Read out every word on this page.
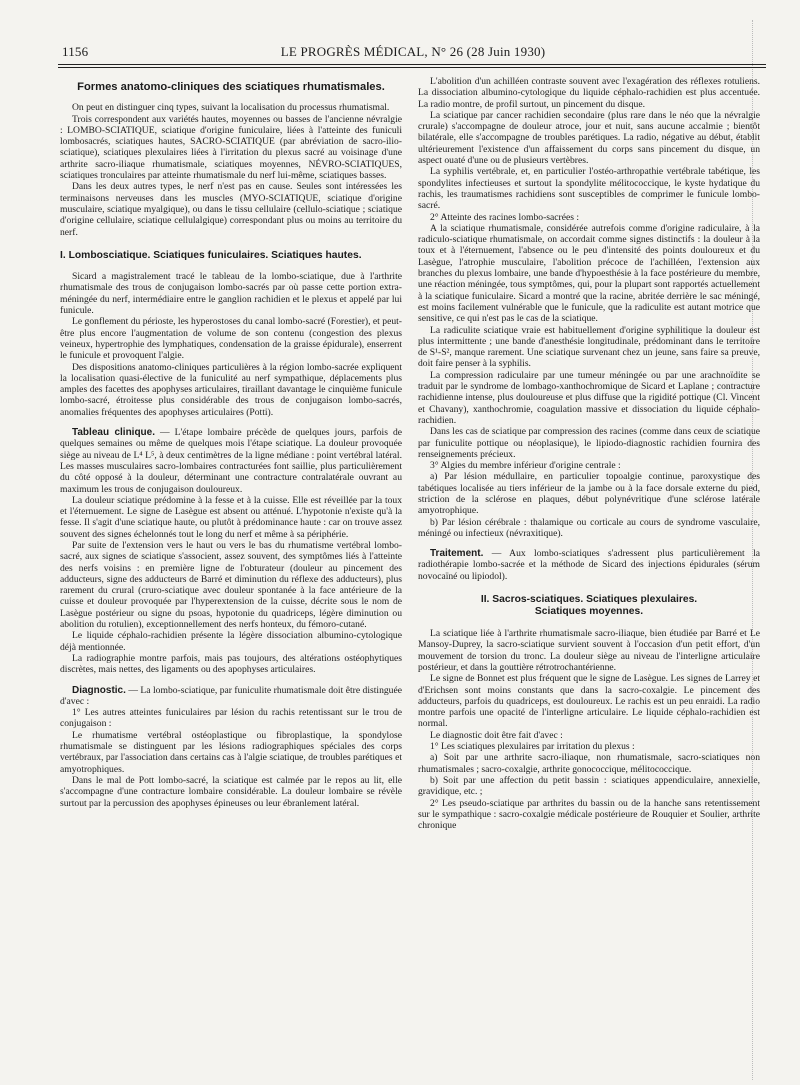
1156	LE PROGRÈS MÉDICAL, N° 26 (28 Juin 1930)
Formes anatomo-cliniques des sciatiques rhumatismales.

On peut en distinguer cinq types, suivant la localisation du processus rhumatismal.

Trois correspondent aux variétés hautes, moyennes ou basses de l'ancienne névralgie : LOMBO-SCIATIQUE, sciatique d'origine funiculaire, liées à l'atteinte des funiculi lombosacrés, sciatiques hautes, SACRO-SCIATIQUE (par abréviation de sacro-ilio-sciatique), sciatiques plexulaires liées à l'irritation du plexus sacré au voisinage d'une arthrite sacro-iliaque rhumatismale, sciatiques moyennes, NÉVRO-SCIATIQUES, sciatiques tronculaires par atteinte rhumatismale du nerf lui-même, sciatiques basses.

Dans les deux autres types, le nerf n'est pas en cause. Seules sont intéressées les terminaisons nerveuses dans les muscles (MYO-SCIATIQUE, sciatique d'origine musculaire, sciatique myalgique), ou dans le tissu cellulaire (cellulo-sciatique ; sciatique d'origine cellulaire, sciatique cellulalgique) correspondant plus ou moins au territoire du nerf.

I. Lombosciatique. Sciatiques funiculaires. Sciatiques hautes.

Sicard a magistralement tracé le tableau de la lombo-sciatique, due à l'arthrite rhumatismale des trous de conjugaison lombo-sacrés par où passe cette portion extra-méningée du nerf, intermédiaire entre le ganglion rachidien et le plexus et appelé par lui funicule.

Le gonflement du périoste, les hyperostoses du canal lombo-sacré (Forestier), et peut-être plus encore l'augmentation de volume de son contenu (congestion des plexus veineux, hypertrophie des lymphatiques, condensation de la graisse épidurale), enserrent le funicule et provoquent l'algie.

Des dispositions anatomo-cliniques particulières à la région lombo-sacrée expliquent la localisation quasi-élective de la funiculité au nerf sympathique, déplacements plus amples des facettes des apophyses articulaires, tiraillant davantage le cinquième funicule lombo-sacré, étroitesse plus considérable des trous de conjugaison lombo-sacrés, anomalies fréquentes des apophyses articulaires (Potti).

Tableau clinique. — L'étape lombaire précède de quelques jours, parfois de quelques semaines ou même de quelques mois l'étape sciatique. La douleur provoquée siège au niveau de L⁴ L⁵, à deux centimètres de la ligne médiane : point vertébral latéral. Les masses musculaires sacro-lombaires contracturées font saillie, plus particulièrement du côté opposé à la douleur, déterminant une contracture contralatérale ouvrant au maximum les trous de conjugaison douloureux.

La douleur sciatique prédomine à la fesse et à la cuisse. Elle est réveillée par la toux et l'éternuement. Le signe de Lasègue est absent ou atténué. L'hypotonie n'existe qu'à la fesse. Il s'agit d'une sciatique haute, ou plutôt à prédominance haute : car on trouve assez souvent des signes échelonnés tout le long du nerf et même à sa périphérie.

Par suite de l'extension vers le haut ou vers le bas du rhumatisme vertébral lombo-sacré, aux signes de sciatique s'associent, assez souvent, des symptômes liés à l'atteinte des nerfs voisins : en première ligne de l'obturateur (douleur au pincement des adducteurs, signe des adducteurs de Barré et diminution du réflexe des adducteurs), plus rarement du crural (cruro-sciatique avec douleur spontanée à la face antérieure de la cuisse et douleur provoquée par l'hyperextension de la cuisse, décrite sous le nom de Lasègue postérieur ou signe du psoas, hypotonie du quadriceps, légère diminution ou abolition du rotulien), exceptionnellement des nerfs honteux, du fémoro-cutané.

Le liquide céphalo-rachidien présente la légère dissociation albumino-cytologique déjà mentionnée.

La radiographie montre parfois, mais pas toujours, des altérations ostéophytiques discrètes, mais nettes, des ligaments ou des apophyses articulaires.

Diagnostic. — La lombo-sciatique, par funiculite rhumatismale doit être distinguée d'avec :

1° Les autres atteintes funiculaires par lésion du rachis retentissant sur le trou de conjugaison :

Le rhumatisme vertébral ostéoplastique ou fibroplastique, la spondylose rhumatismale se distinguent par les lésions radiographiques spéciales des corps vertébraux, par l'association dans certains cas à l'algie sciatique, de troubles parétiques et amyotrophiques.

Dans le mal de Pott lombo-sacré, la sciatique est calmée par le repos au lit, elle s'accompagne d'une contracture lombaire considérable. La douleur lombaire se révèle surtout par la percussion des apophyses épineuses ou leur ébranlement latéral.

L'abolition d'un achilléen contraste souvent avec l'exagération des réflexes rotuliens. La dissociation albumino-cytologique du liquide céphalo-rachidien est plus accentuée. La radio montre, de profil surtout, un pincement du disque.

La sciatique par cancer rachidien secondaire (plus rare dans le néo que la névralgie crurale) s'accompagne de douleur atroce, jour et nuit, sans aucune accalmie ; bientôt bilatérale, elle s'accompagne de troubles parétiques. La radio, négative au début, établit ultérieurement l'existence d'un affaissement du corps sans pincement du disque, un aspect ouaté d'une ou de plusieurs vertèbres.

La syphilis vertébrale, et, en particulier l'ostéo-arthropathie vertébrale tabétique, les spondylites infectieuses et surtout la spondylite mélitococcique, le kyste hydatique du rachis, les traumatismes rachidiens sont susceptibles de comprimer le funicule lombo-sacré.

2° Atteinte des racines lombo-sacrées :

A la sciatique rhumatismale, considérée autrefois comme d'origine radiculaire, à la radiculo-sciatique rhumatismale, on accordait comme signes distinctifs : la douleur à la toux et à l'éternuement, l'absence ou le peu d'intensité des points douloureux et du Lasègue, l'atrophie musculaire, l'abolition précoce de l'achilléen, l'extension aux branches du plexus lombaire, une bande d'hypoesthésie à la face postérieure du membre, une réaction méningée, tous symptômes, qui, pour la plupart sont rapportés actuellement à la sciatique funiculaire. Sicard a montré que la racine, abritée derrière le sac méningé, est moins facilement vulnérable que le funicule, que la radiculite est autant motrice que sensitive, ce qui n'est pas le cas de la sciatique.

La radiculite sciatique vraie est habituellement d'origine syphilitique la douleur est plus intermittente ; une bande d'anesthésie longitudinale, prédominant dans le territoire de S¹-S², manque rarement. Une sciatique survenant chez un jeune, sans faire sa preuve, doit faire penser à la syphilis.

La compression radiculaire par une tumeur méningée ou par une arachnoïdite se traduit par le syndrome de lombago-xanthochromique de Sicard et Laplane ; contracture rachidienne intense, plus douloureuse et plus diffuse que la rigidité pottique (Cl. Vincent et Chavany), xanthochromie, coagulation massive et dissociation du liquide céphalo-rachidien.

Dans les cas de sciatique par compression des racines (comme dans ceux de sciatique par funiculite pottique ou néoplasique), le lipiodo-diagnostic rachidien fournira des renseignements précieux.

3° Algies du membre inférieur d'origine centrale :

a) Par lésion médullaire, en particulier topoalgie continue, paroxystique des tabétiques localisée au tiers inférieur de la jambe ou à la face dorsale externe du pied, striction de la sclérose en plaques, début polynévritique d'une sclérose latérale amyotrophique.

b) Par lésion cérébrale : thalamique ou corticale au cours de syndrome vasculaire, méningé ou infectieux (névraxitique).

Traitement. — Aux lombo-sciatiques s'adressent plus particulièrement la radiothérapie lombo-sacrée et la méthode de Sicard des injections épidurales (sérum novocaïné ou lipiodol).

II. Sacros-sciatiques. Sciatiques plexulaires.
Sciatiques moyennes.

La sciatique liée à l'arthrite rhumatismale sacro-iliaque, bien étudiée par Barré et Le Mansoy-Duprey, la sacro-sciatique survient souvent à l'occasion d'un petit effort, d'un mouvement de torsion du tronc. La douleur siège au niveau de l'interligne articulaire postérieur, et dans la gouttière rétrotrochantérienne.

Le signe de Bonnet est plus fréquent que le signe de Lasègue. Les signes de Larrey et d'Erichsen sont moins constants que dans la sacro-coxalgie. Le pincement des adducteurs, parfois du quadriceps, est douloureux. Le rachis est un peu enraidi. La radio montre parfois une opacité de l'interligne articulaire. Le liquide céphalo-rachidien est normal.

Le diagnostic doit être fait d'avec :

1° Les sciatiques plexulaires par irritation du plexus :

a) Soit par une arthrite sacro-iliaque, non rhumatismale, sacro-sciatiques non rhumatismales ; sacro-coxalgie, arthrite gonococcique, mélitococcique.

b) Soit par une affection du petit bassin : sciatiques appendiculaire, annexielle, gravidique, etc. ;

2° Les pseudo-sciatique par arthrites du bassin ou de la hanche sans retentissement sur le sympathique : sacro-coxalgie médicale postérieure de Rouquier et Soulier, arthrite chronique
